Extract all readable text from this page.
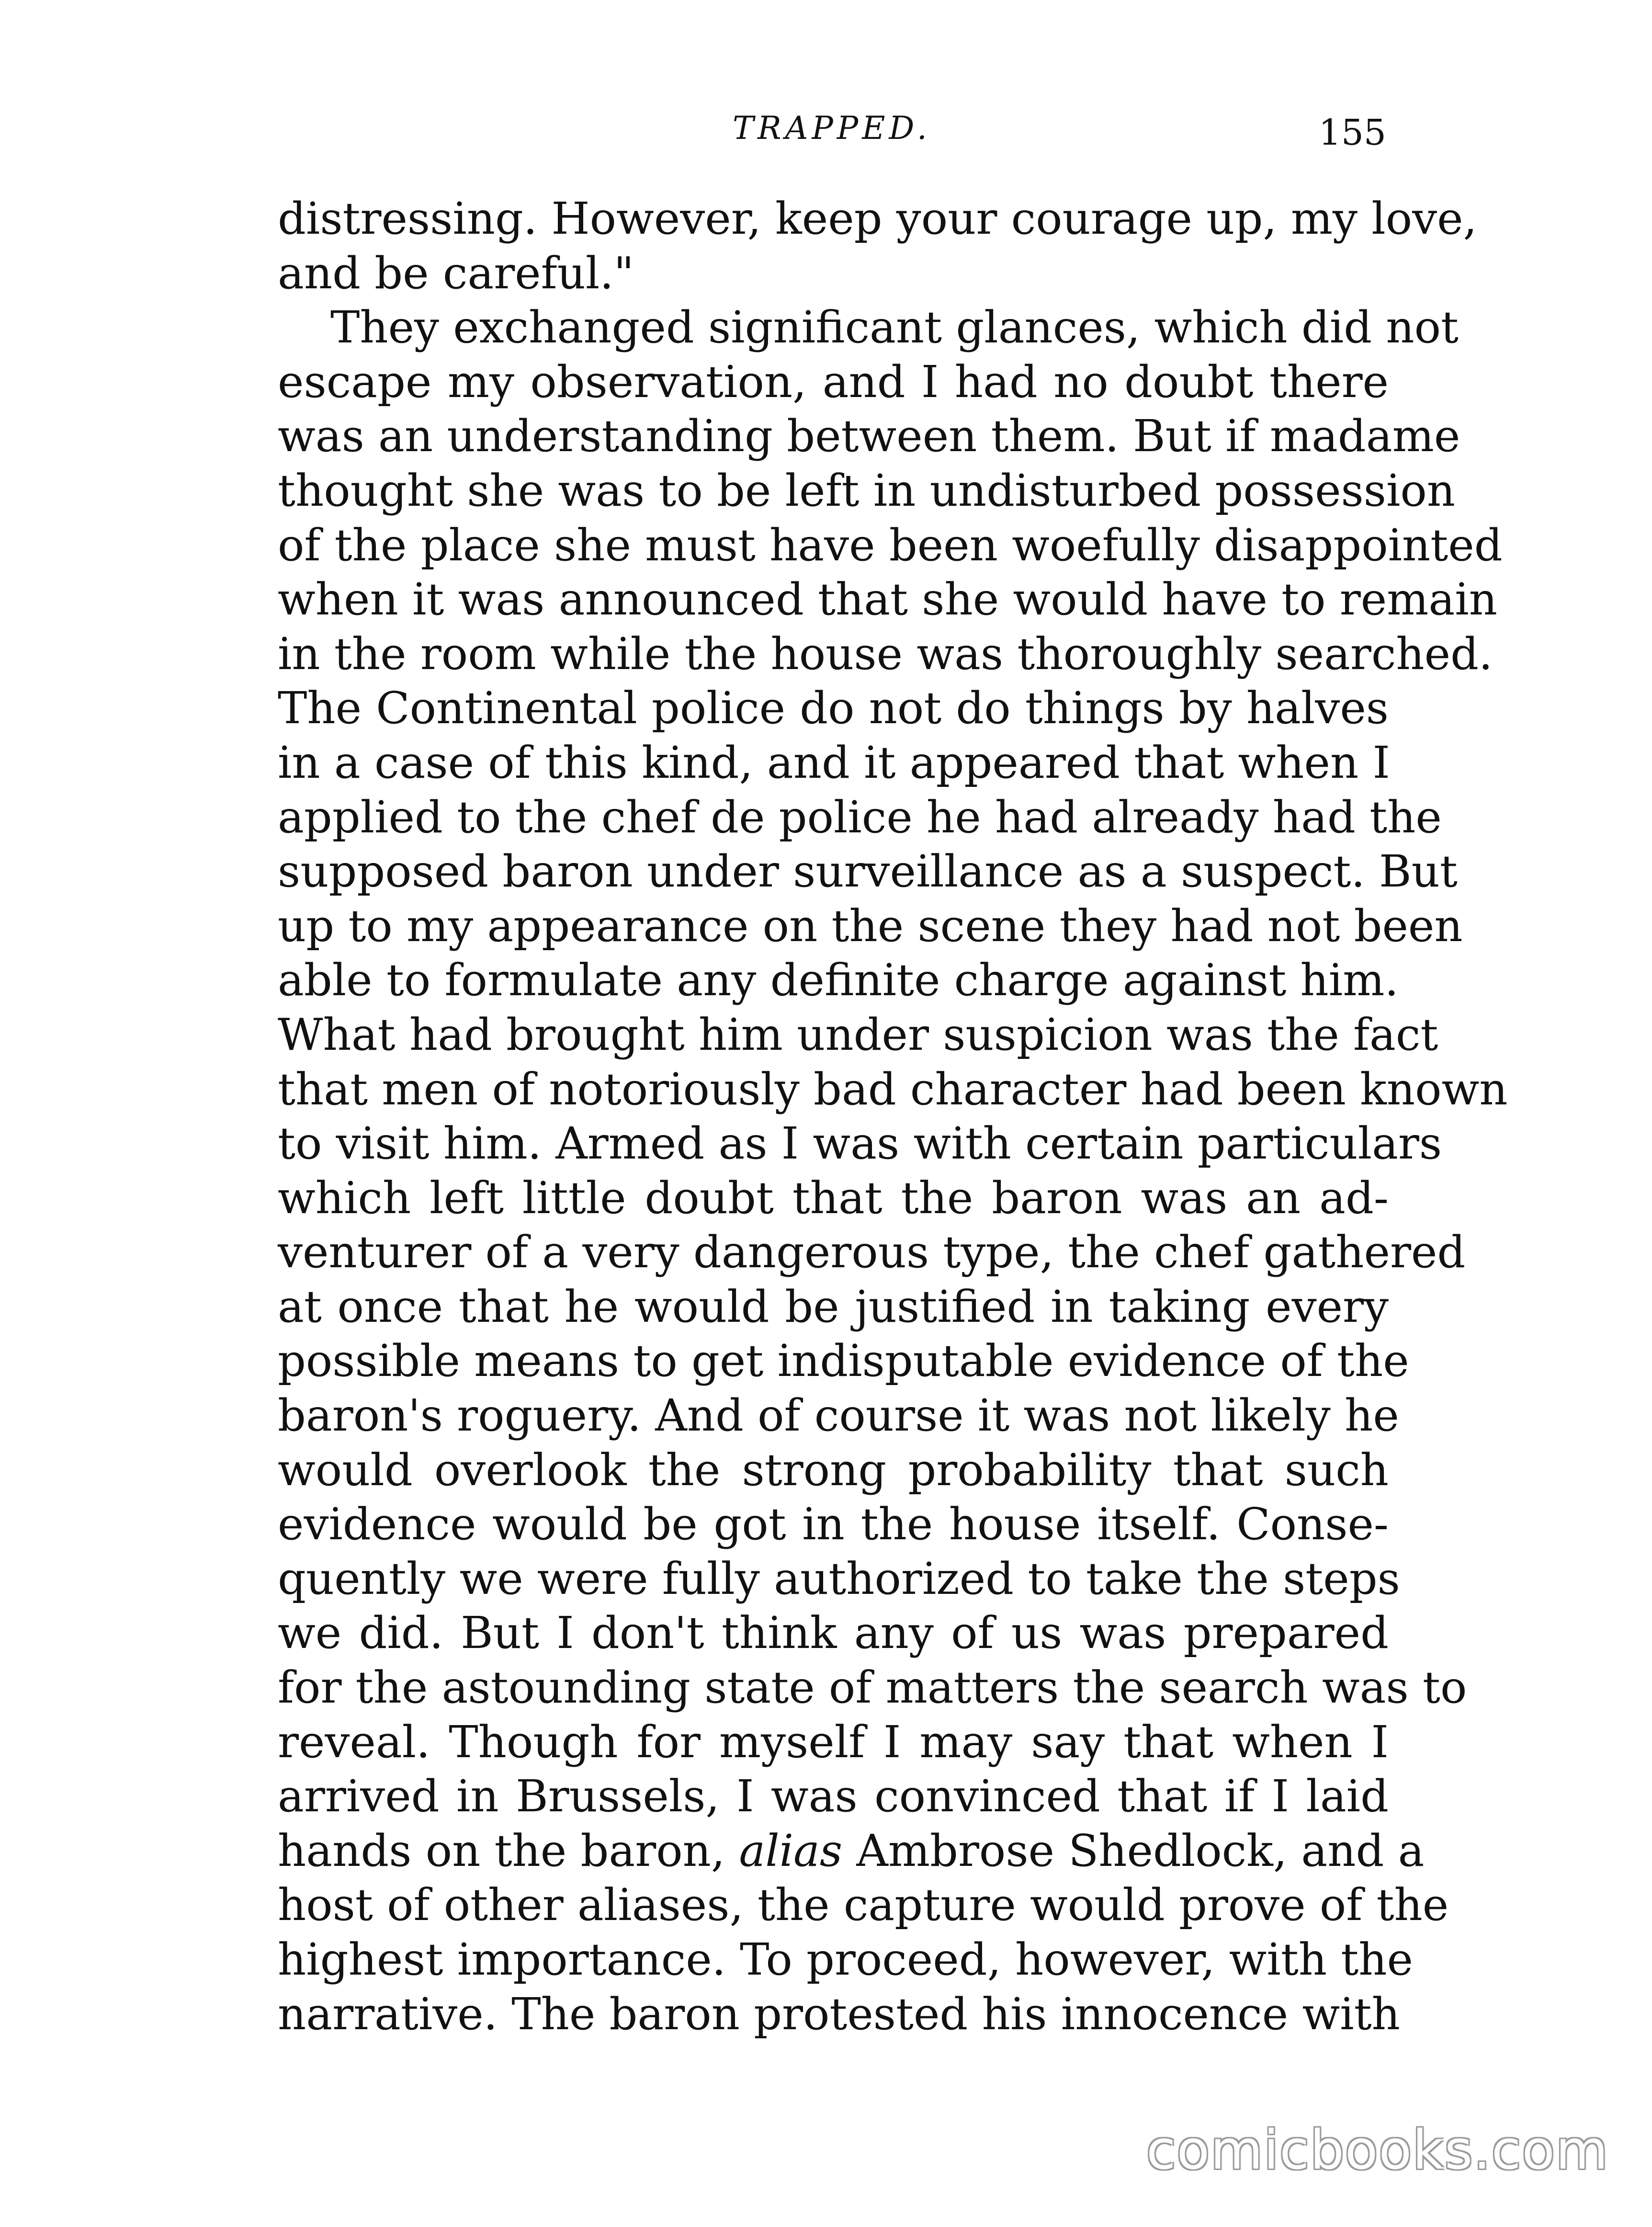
TRAPPED.	155
distressing. However, keep your courage up, my love,
and be careful."
They exchanged significant glances, which did not
escape my observation, and I had no doubt there
was an understanding between them. But if madame
thought she was to be left in undisturbed possession
of the place she must have been woefully disappointed
when it was announced that she would have to remain
in the room while the house was thoroughly searched.
The Continental police do not do things by halves
in a case of this kind, and it appeared that when I
applied to the chef de police he had already had the
supposed baron under surveillance as a suspect. But
up to my appearance on the scene they had not been
able to formulate any definite charge against him.
What had brought him under suspicion was the fact
that men of notoriously bad character had been known
to visit him. Armed as I was with certain particulars
which left little doubt that the baron was an ad-
venturer of a very dangerous type, the chef gathered
at once that he would be justified in taking every
possible means to get indisputable evidence of the
baron's roguery. And of course it was not likely he
would overlook the strong probability that such
evidence would be got in the house itself. Conse-
quently we were fully authorized to take the steps
we did. But I don't think any of us was prepared
for the astounding state of matters the search was to
reveal. Though for myself I may say that when I
arrived in Brussels, I was convinced that if I laid
hands on the baron, alias Ambrose Shedlock, and a
host of other aliases, the capture would prove of the
highest importance. To proceed, however, with the
narrative. The baron protested his innocence with
comicbooks.com
